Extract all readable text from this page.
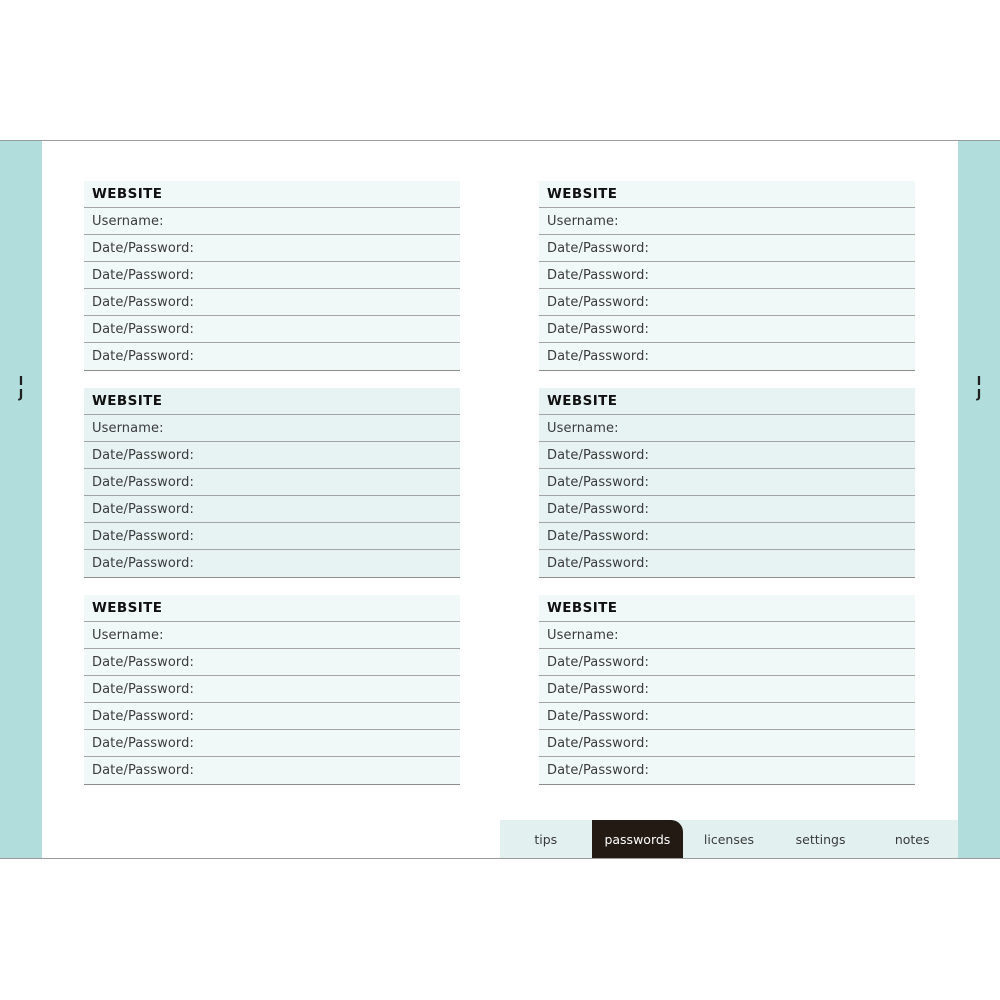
I
J
I
J
WEBSITE
Username:
Date/Password:
Date/Password:
Date/Password:
Date/Password:
Date/Password:
WEBSITE
Username:
Date/Password:
Date/Password:
Date/Password:
Date/Password:
Date/Password:
WEBSITE
Username:
Date/Password:
Date/Password:
Date/Password:
Date/Password:
Date/Password:
WEBSITE
Username:
Date/Password:
Date/Password:
Date/Password:
Date/Password:
Date/Password:
WEBSITE
Username:
Date/Password:
Date/Password:
Date/Password:
Date/Password:
Date/Password:
WEBSITE
Username:
Date/Password:
Date/Password:
Date/Password:
Date/Password:
Date/Password:
tips	passwords	licenses	settings	notes
